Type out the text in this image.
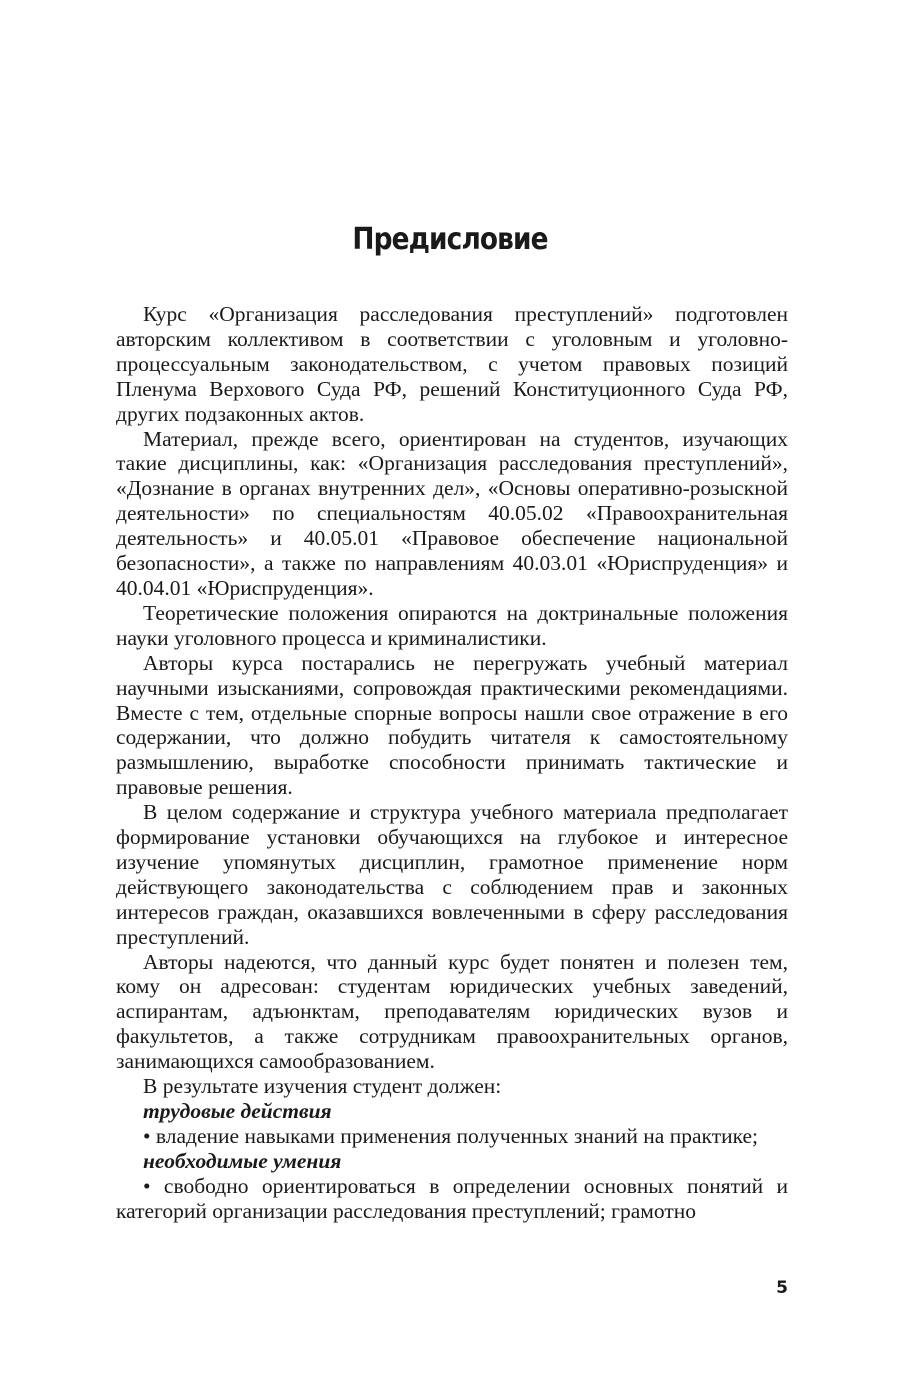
Предисловие

Курс «Организация расследования преступлений» подготовлен авторским коллективом в соответствии с уголовным и уголовно-процессуальным законодательством, с учетом правовых позиций Пленума Верхового Суда РФ, решений Конституционного Суда РФ, других подзаконных актов.

Материал, прежде всего, ориентирован на студентов, изучающих такие дисциплины, как: «Организация расследования преступлений», «Дознание в органах внутренних дел», «Основы оперативно-розыскной деятельности» по специальностям 40.05.02 «Правоохранительная деятельность» и 40.05.01 «Правовое обеспечение национальной безопасности», а также по направлениям 40.03.01 «Юриспруденция» и 40.04.01 «Юриспруденция».

Теоретические положения опираются на доктринальные положения науки уголовного процесса и криминалистики.

Авторы курса постарались не перегружать учебный материал научными изысканиями, сопровождая практическими рекомендациями. Вместе с тем, отдельные спорные вопросы нашли свое отражение в его содержании, что должно побудить читателя к самостоятельному размышлению, выработке способности принимать тактические и правовые решения.

В целом содержание и структура учебного материала предполагает формирование установки обучающихся на глубокое и интересное изучение упомянутых дисциплин, грамотное применение норм действующего законодательства с соблюдением прав и законных интересов граждан, оказавшихся вовлеченными в сферу расследования преступлений.

Авторы надеются, что данный курс будет понятен и полезен тем, кому он адресован: студентам юридических учебных заведений, аспирантам, адъюнктам, преподавателям юридических вузов и факультетов, а также сотрудникам правоохранительных органов, занимающихся самообразованием.

В результате изучения студент должен:

трудовые действия

• владение навыками применения полученных знаний на практике;

необходимые умения

• свободно ориентироваться в определении основных понятий и категорий организации расследования преступлений; грамотно

5
